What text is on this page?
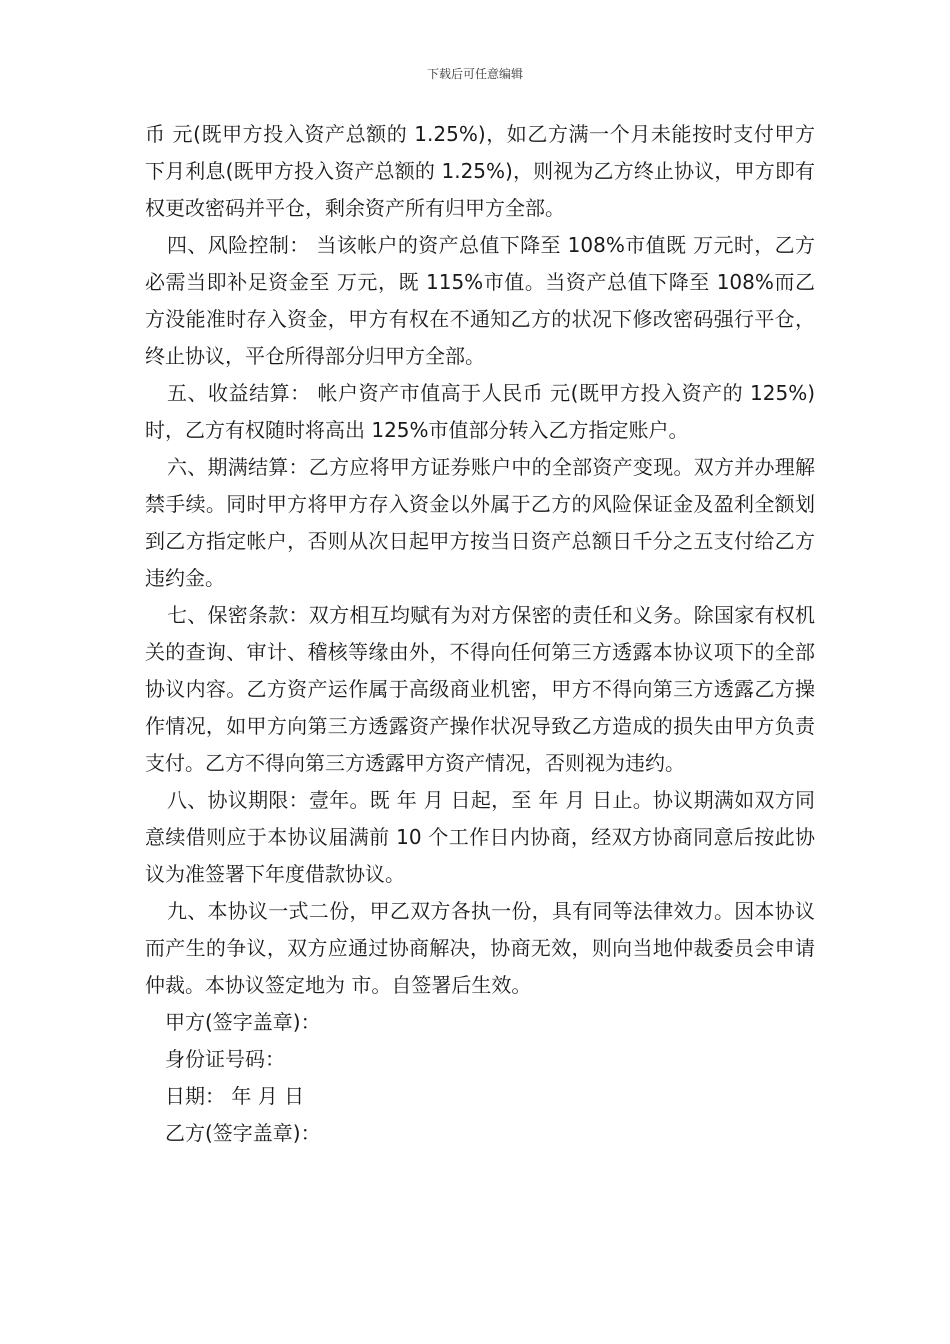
下载后可任意编辑

币 元(既甲方投入资产总额的 1.25%)，如乙方满一个月未能按时支付甲方下月利息(既甲方投入资产总额的 1.25%)，则视为乙方终止协议，甲方即有权更改密码并平仓，剩余资产所有归甲方全部。

四、风险控制： 当该帐户的资产总值下降至 108%市值既 万元时，乙方必需当即补足资金至 万元，既 115%市值。当资产总值下降至 108%而乙方没能准时存入资金，甲方有权在不通知乙方的状况下修改密码强行平仓，终止协议，平仓所得部分归甲方全部。

五、收益结算： 帐户资产市值高于人民币 元(既甲方投入资产的 125%)时，乙方有权随时将高出 125%市值部分转入乙方指定账户。

六、期满结算：乙方应将甲方证券账户中的全部资产变现。双方并办理解禁手续。同时甲方将甲方存入资金以外属于乙方的风险保证金及盈利全额划到乙方指定帐户，否则从次日起甲方按当日资产总额日千分之五支付给乙方违约金。

七、保密条款：双方相互均赋有为对方保密的责任和义务。除国家有权机关的查询、审计、稽核等缘由外，不得向任何第三方透露本协议项下的全部协议内容。乙方资产运作属于高级商业机密，甲方不得向第三方透露乙方操作情况，如甲方向第三方透露资产操作状况导致乙方造成的损失由甲方负责支付。乙方不得向第三方透露甲方资产情况，否则视为违约。

八、协议期限：壹年。既 年 月 日起，至 年 月 日止。协议期满如双方同意续借则应于本协议届满前 10 个工作日内协商，经双方协商同意后按此协议为准签署下年度借款协议。

九、本协议一式二份，甲乙双方各执一份，具有同等法律效力。因本协议而产生的争议，双方应通过协商解决，协商无效，则向当地仲裁委员会申请仲裁。本协议签定地为 市。自签署后生效。

甲方(签字盖章)：

身份证号码：

日期： 年 月 日

乙方(签字盖章)：
